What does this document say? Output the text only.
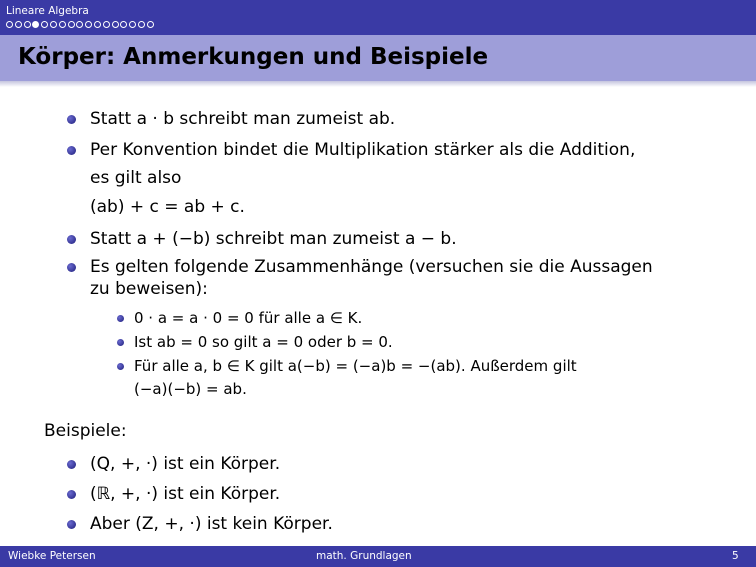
Lineare Algebra
Körper: Anmerkungen und Beispiele
Statt a · b schreibt man zumeist ab.
Per Konvention bindet die Multiplikation stärker als die Addition,
es gilt also
(ab) + c = ab + c.
Statt a + (−b) schreibt man zumeist a − b.
Es gelten folgende Zusammenhänge (versuchen sie die Aussagen
zu beweisen):
0 · a = a · 0 = 0 für alle a ∈ K.
Ist ab = 0 so gilt a = 0 oder b = 0.
Für alle a, b ∈ K gilt a(−b) = (−a)b = −(ab). Außerdem gilt
(−a)(−b) = ab.
Beispiele:
(Q, +, ·) ist ein Körper.
(ℝ, +, ·) ist ein Körper.
Aber (Z, +, ·) ist kein Körper.
Wiebke Petersen	math. Grundlagen	5
